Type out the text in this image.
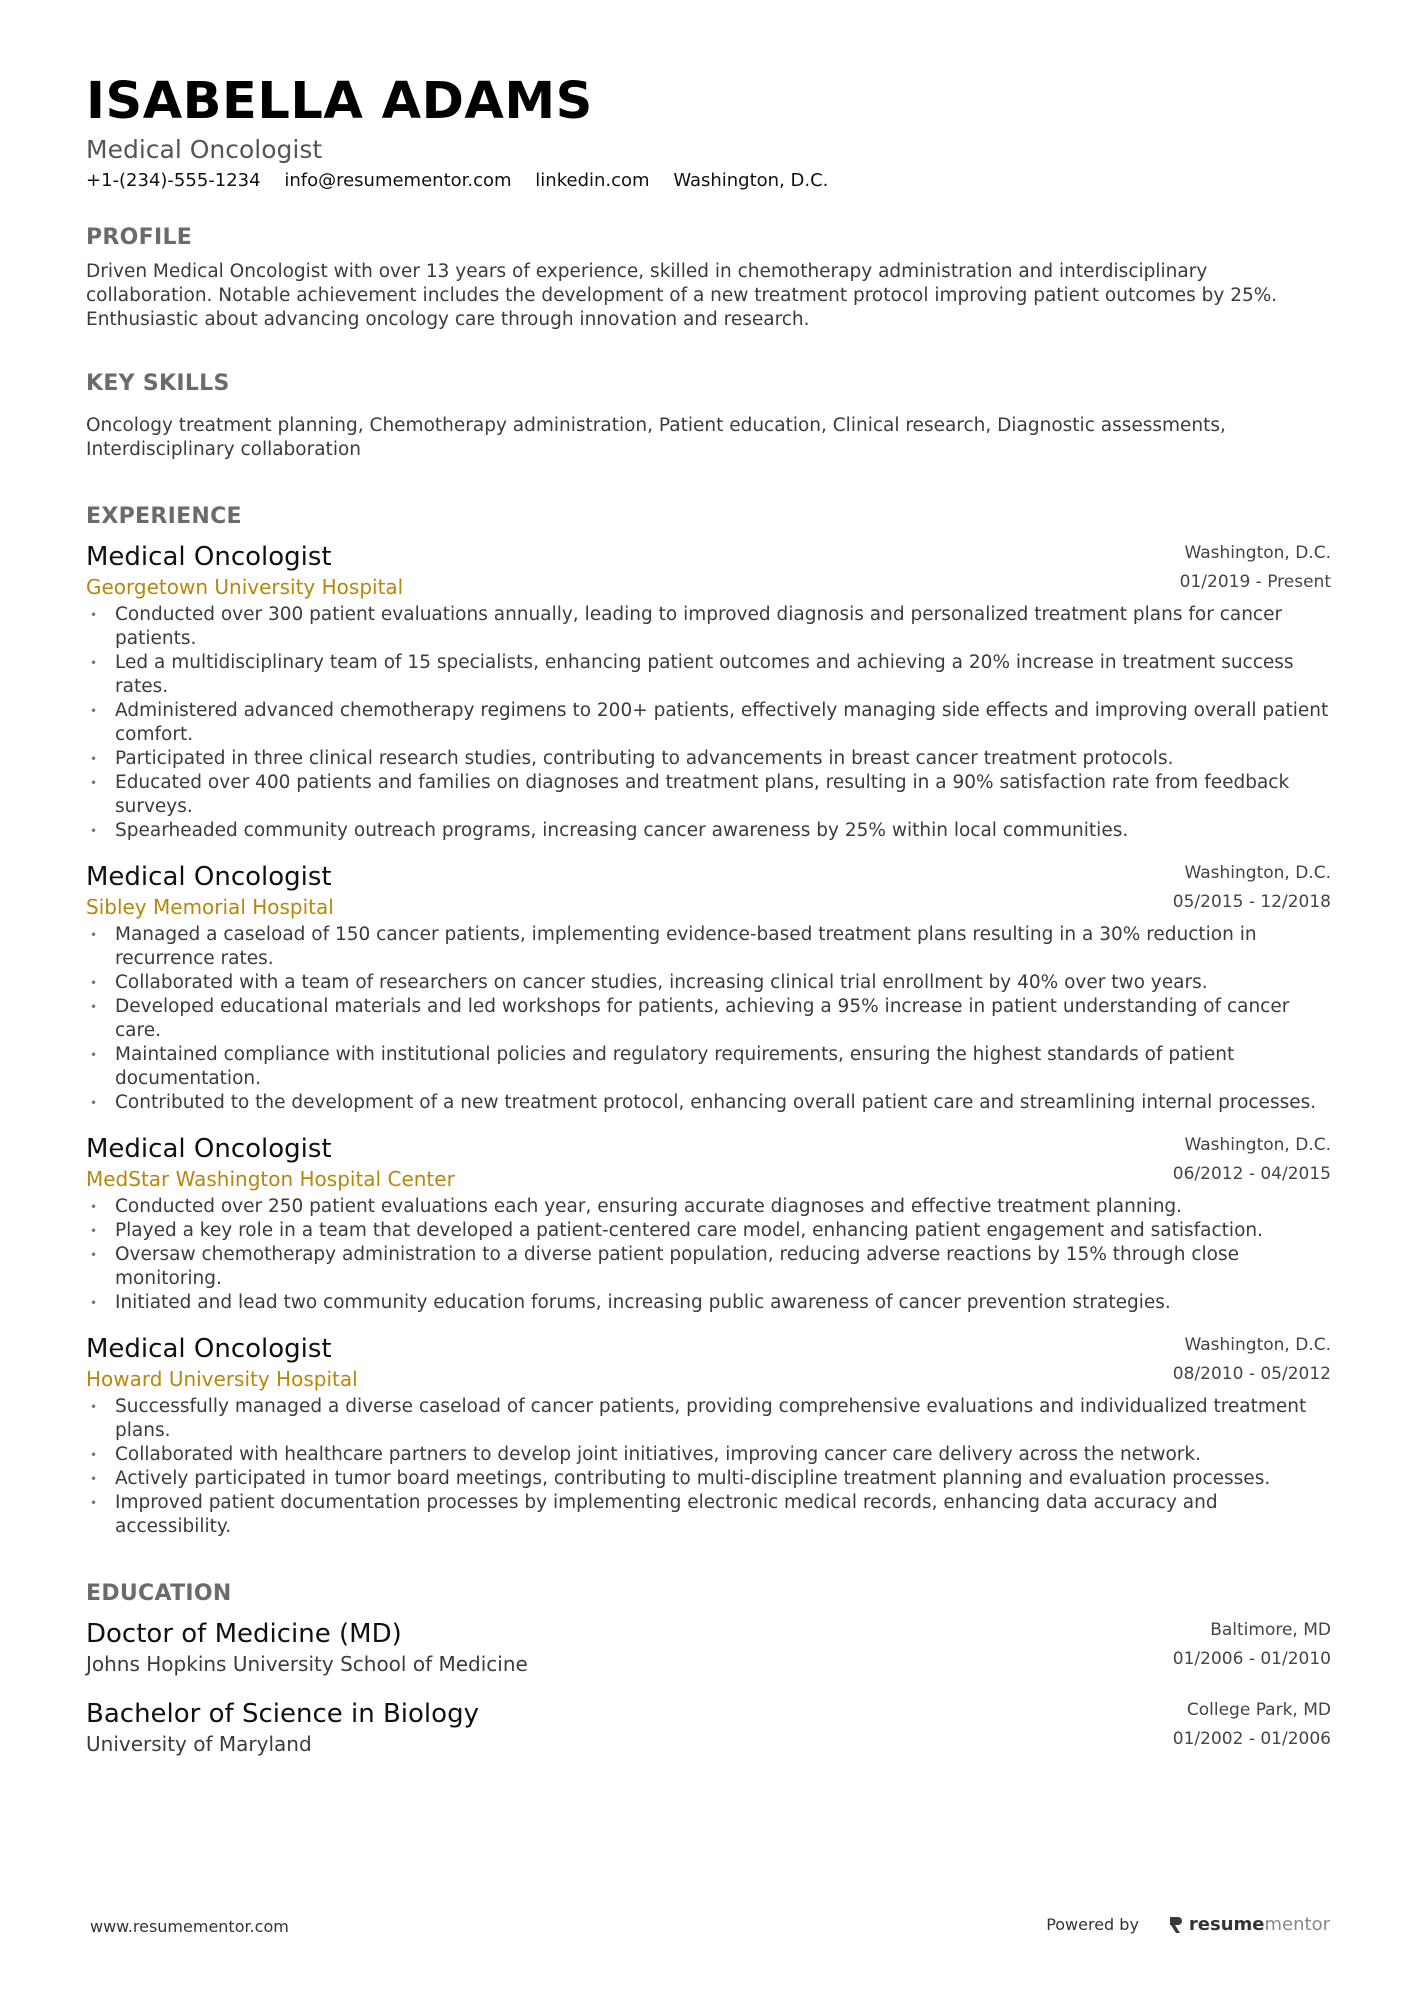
ISABELLA ADAMS
Medical Oncologist
+1-(234)-555-1234 info@resumementor.com linkedin.com Washington, D.C.
PROFILE
Driven Medical Oncologist with over 13 years of experience, skilled in chemotherapy administration and interdisciplinary collaboration. Notable achievement includes the development of a new treatment protocol improving patient outcomes by 25%. Enthusiastic about advancing oncology care through innovation and research.
KEY SKILLS
Oncology treatment planning, Chemotherapy administration, Patient education, Clinical research, Diagnostic assessments, Interdisciplinary collaboration
EXPERIENCE
Medical Oncologist
Georgetown University Hospital
Washington, D.C.
01/2019 - Present
• Conducted over 300 patient evaluations annually, leading to improved diagnosis and personalized treatment plans for cancer patients.
• Led a multidisciplinary team of 15 specialists, enhancing patient outcomes and achieving a 20% increase in treatment success rates.
• Administered advanced chemotherapy regimens to 200+ patients, effectively managing side effects and improving overall patient comfort.
• Participated in three clinical research studies, contributing to advancements in breast cancer treatment protocols.
• Educated over 400 patients and families on diagnoses and treatment plans, resulting in a 90% satisfaction rate from feedback surveys.
• Spearheaded community outreach programs, increasing cancer awareness by 25% within local communities.
Medical Oncologist
Sibley Memorial Hospital
Washington, D.C.
05/2015 - 12/2018
• Managed a caseload of 150 cancer patients, implementing evidence-based treatment plans resulting in a 30% reduction in recurrence rates.
• Collaborated with a team of researchers on cancer studies, increasing clinical trial enrollment by 40% over two years.
• Developed educational materials and led workshops for patients, achieving a 95% increase in patient understanding of cancer care.
• Maintained compliance with institutional policies and regulatory requirements, ensuring the highest standards of patient documentation.
• Contributed to the development of a new treatment protocol, enhancing overall patient care and streamlining internal processes.
Medical Oncologist
MedStar Washington Hospital Center
Washington, D.C.
06/2012 - 04/2015
• Conducted over 250 patient evaluations each year, ensuring accurate diagnoses and effective treatment planning.
• Played a key role in a team that developed a patient-centered care model, enhancing patient engagement and satisfaction.
• Oversaw chemotherapy administration to a diverse patient population, reducing adverse reactions by 15% through close monitoring.
• Initiated and lead two community education forums, increasing public awareness of cancer prevention strategies.
Medical Oncologist
Howard University Hospital
Washington, D.C.
08/2010 - 05/2012
• Successfully managed a diverse caseload of cancer patients, providing comprehensive evaluations and individualized treatment plans.
• Collaborated with healthcare partners to develop joint initiatives, improving cancer care delivery across the network.
• Actively participated in tumor board meetings, contributing to multi-discipline treatment planning and evaluation processes.
• Improved patient documentation processes by implementing electronic medical records, enhancing data accuracy and accessibility.
EDUCATION
Doctor of Medicine (MD)
Johns Hopkins University School of Medicine
Baltimore, MD
01/2006 - 01/2010
Bachelor of Science in Biology
University of Maryland
College Park, MD
01/2002 - 01/2006
www.resumementor.com	Powered by	resumementor
